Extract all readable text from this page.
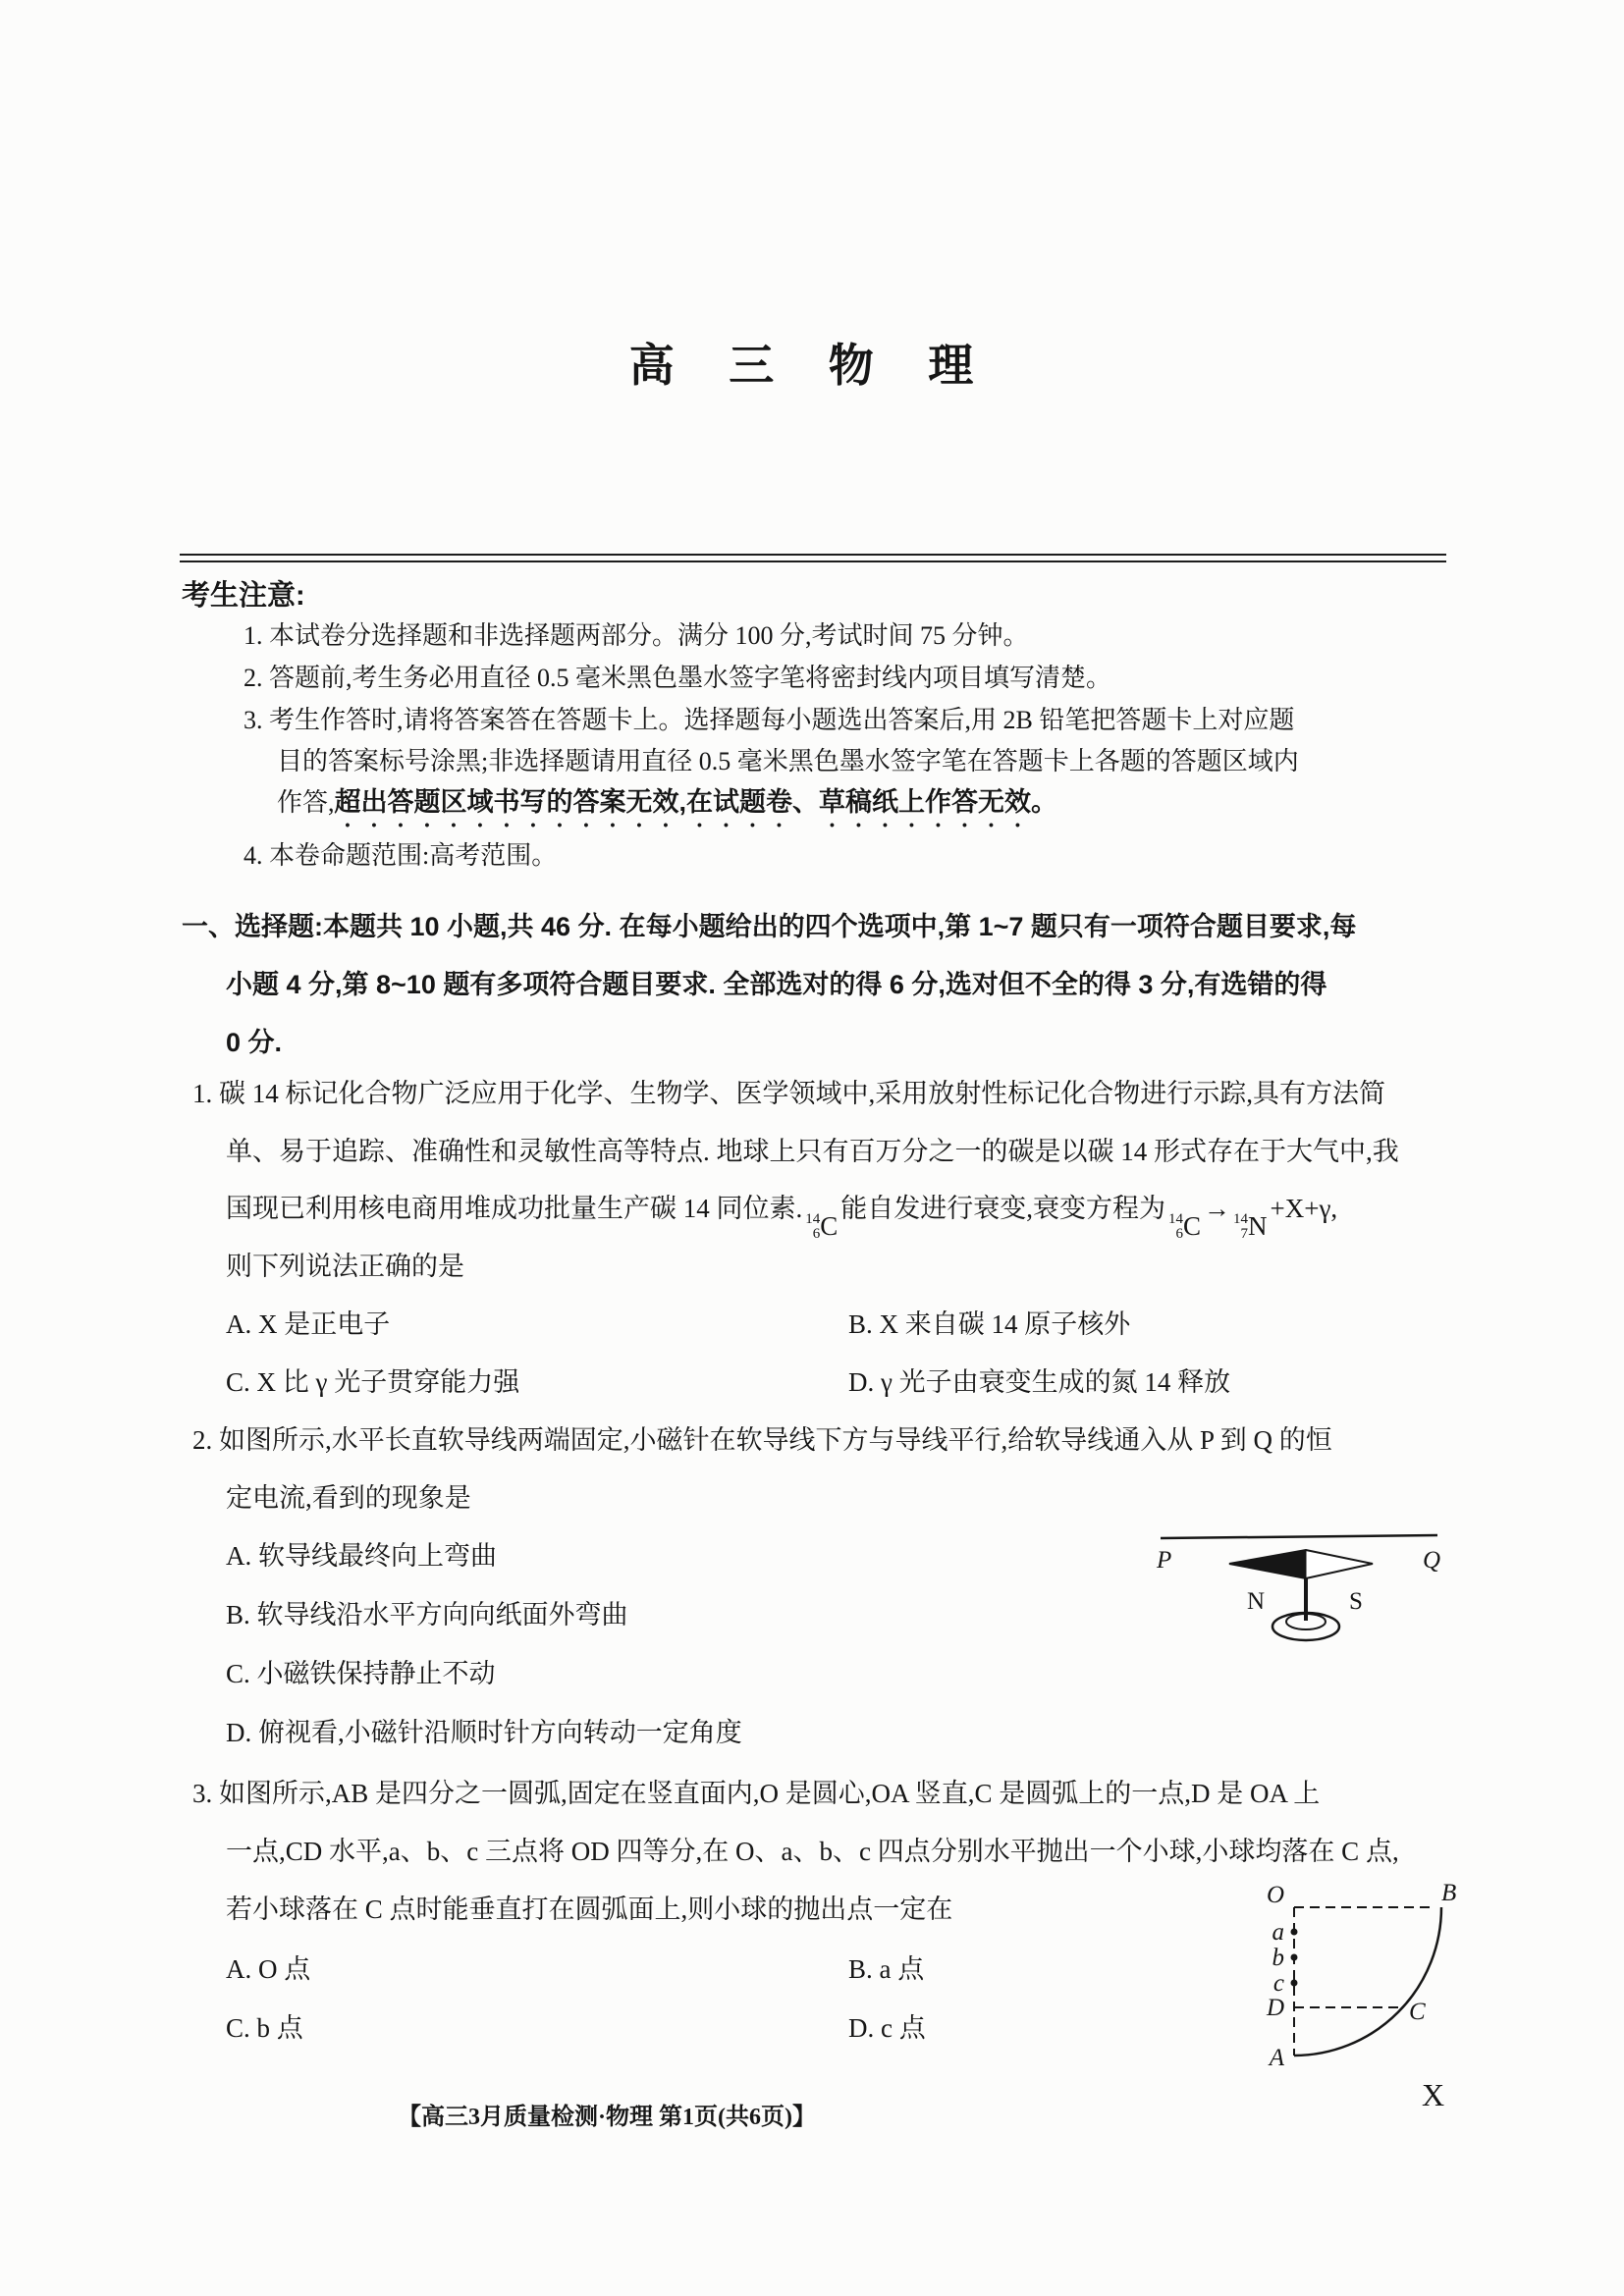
高 三 物 理
考生注意:
1. 本试卷分选择题和非选择题两部分。满分 100 分,考试时间 75 分钟。
2. 答题前,考生务必用直径 0.5 毫米黑色墨水签字笔将密封线内项目填写清楚。
3. 考生作答时,请将答案答在答题卡上。选择题每小题选出答案后,用 2B 铅笔把答题卡上对应题
目的答案标号涂黑;非选择题请用直径 0.5 毫米黑色墨水签字笔在答题卡上各题的答题区域内
作答,超出答题区域书写的答案无效,在试题卷、草稿纸上作答无效。
4. 本卷命题范围:高考范围。
一、选择题:本题共 10 小题,共 46 分. 在每小题给出的四个选项中,第 1~7 题只有一项符合题目要求,每
小题 4 分,第 8~10 题有多项符合题目要求. 全部选对的得 6 分,选对但不全的得 3 分,有选错的得
0 分.
1. 碳 14 标记化合物广泛应用于化学、生物学、医学领域中,采用放射性标记化合物进行示踪,具有方法简
单、易于追踪、准确性和灵敏性高等特点. 地球上只有百万分之一的碳是以碳 14 形式存在于大气中,我
国现已利用核电商用堆成功批量生产碳 14 同位素. 14
6 C
能自发进行衰变,衰变方程为 14
6 C
→ 14
7 N
+X+γ,
则下列说法正确的是
A. X 是正电子	B. X 来自碳 14 原子核外
C. X 比 γ 光子贯穿能力强	D. γ 光子由衰变生成的氮 14 释放
2. 如图所示,水平长直软导线两端固定,小磁针在软导线下方与导线平行,给软导线通入从 P 到 Q 的恒
定电流,看到的现象是
A. 软导线最终向上弯曲
B. 软导线沿水平方向向纸面外弯曲
C. 小磁铁保持静止不动
D. 俯视看,小磁针沿顺时针方向转动一定角度
P	Q
N	S
3. 如图所示,AB 是四分之一圆弧,固定在竖直面内,O 是圆心,OA 竖直,C 是圆弧上的一点,D 是 OA 上
一点,CD 水平,a、b、c 三点将 OD 四等分,在 O、a、b、c 四点分别水平抛出一个小球,小球均落在 C 点,
若小球落在 C 点时能垂直打在圆弧面上,则小球的抛出点一定在
A. O 点	B. a 点
C. b 点	D. c 点
O	B
a
b
c
D	C
A
【高三3月质量检测·物理 第1页(共6页)】
X
